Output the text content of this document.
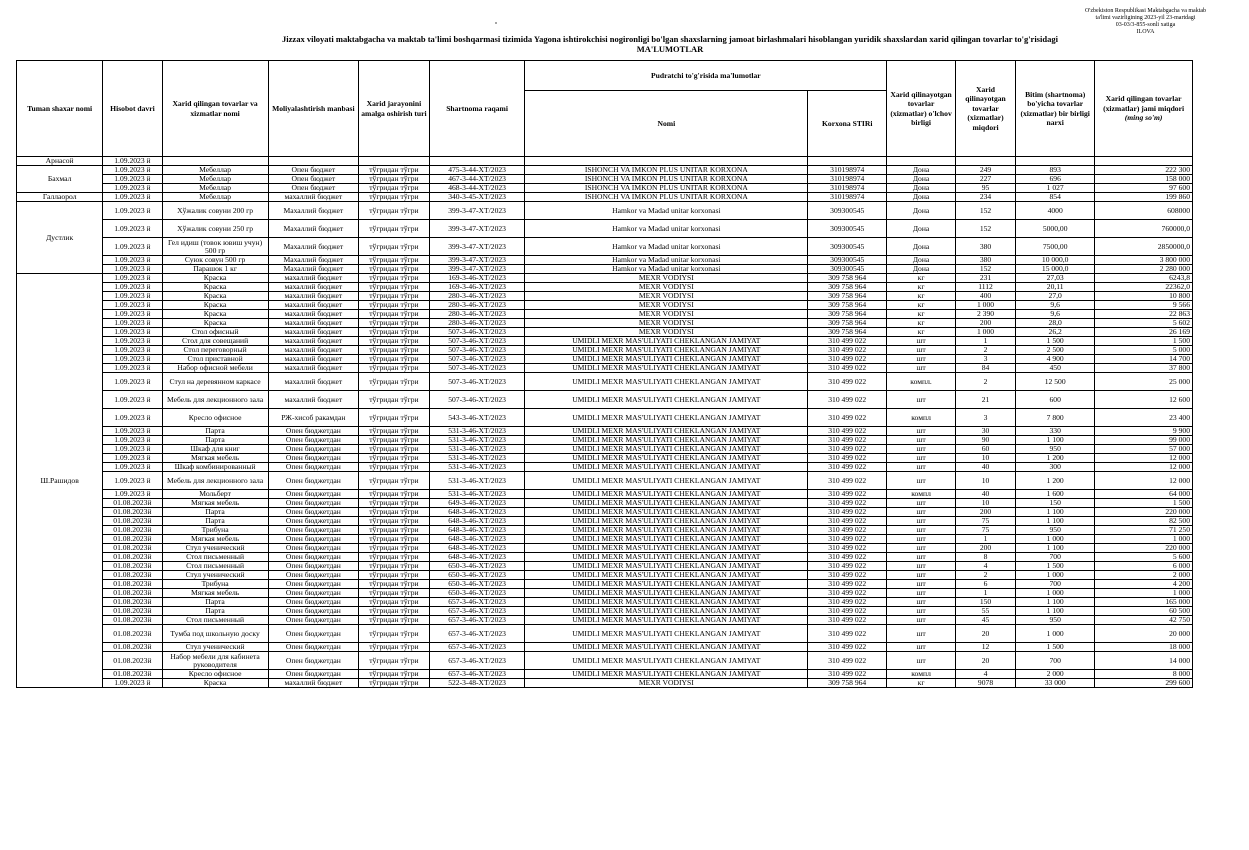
O'zbekiston Respublikasi Maktabgacha va maktab
ta'limi vazirligining 2023-yil 23-martdagi
03-03/3-855-sonli xatiga
ILOVA
Jizzax viloyati maktabgacha va maktab ta'limi boshqarmasi tizimida Yagona ishtirokchisi nogironligi bo'lgan shaxslarning jamoat birlashmalari hisoblangan yuridik shaxslardan xarid qilingan tovarlar to'g'risidagi
MA'LUMOTLAR
Tuman shaxar nomi	Hisobot davri	Xarid qilingan tovarlar va xizmatlar nomi	Moliyalashtirish manbasi	Xarid jarayonini amalga oshirish turi	Shartnoma raqami	Pudratchi to'g'risida ma'lumotlar		Xarid qilinayotgan tovarlar (xizmatlar) o'lchov birligi	Xarid qilinayotgan tovarlar (xizmatlar) miqdori	Bitim (shartnoma) bo'yicha tovarlar (xizmatlar) bir birligi narxi	Xarid qilingan tovarlar (xizmatlar) jami miqdori
(ming so'm)
						Nomi	Korxona STIRi				
Арнасой	1.09.2023 й										
Бахмал	1.09.2023 й	Мебеллар	Опен бюджет	тўгридан тўгри	475-3-44-ХТ/2023	ISHONCH VA IMKON PLUS UNITAR KORXONA	310198974	Дона	249	893	222 300
	1.09.2023 й	Мебеллар	Опен бюджет	тўгридан тўгри	467-3-44-ХТ/2023	ISHONCH VA IMKON PLUS UNITAR KORXONA	310198974	Дона	227	696	158 000
	1.09.2023 й	Мебеллар	Опен бюджет	тўгридан тўгри	468-3-44-ХТ/2023	ISHONCH VA IMKON PLUS UNITAR KORXONA	310198974	Дона	95	1 027	97 600
Галлаорол	1.09.2023 й	Мебеллар	махаллий бюджет	тўгридан тўгри	340-3-45-ХТ/2023	ISHONCH VA IMKON PLUS UNITAR KORXONA	310198974	Дона	234	854	199 860
Дустлик	1.09.2023 й	Хўжалик совуни 200 гр	Махаллий бюджет	тўгридан тўгри	399-3-47-ХТ/2023	Hamkor va Madad unitar korxonasi	309300545	Дона	152	4000	608000
	1.09.2023 й	Хўжалик совуни 250 гр	Махаллий бюджет	тўгридан тўгри	399-3-47-ХТ/2023	Hamkor va Madad unitar korxonasi	309300545	Дона	152	5000,00	760000,0
	1.09.2023 й	Гел идиш (товок ювиш учун) 500 гр	Махаллий бюджет	тўгридан тўгри	399-3-47-ХТ/2023	Hamkor va Madad unitar korxonasi	309300545	Дона	380	7500,00	2850000,0
	1.09.2023 й	Суюк совун 500 гр	Махаллий бюджет	тўгридан тўгри	399-3-47-ХТ/2023	Hamkor va Madad unitar korxonasi	309300545	Дона	380	10 000,0	3 800 000
	1.09.2023 й	Парашок 1 кг	Махаллий бюджет	тўгридан тўгри	399-3-47-ХТ/2023	Hamkor va Madad unitar korxonasi	309300545	Дона	152	15 000,0	2 280 000
Ш.Рашидов	1.09.2023 й	Краска	махаллий бюджет	тўгридан тўгри	169-3-46-ХТ/2023	MEXR VODIYSI	309 758 964	кг	231	27,03	6243,8
	1.09.2023 й	Краска	махаллий бюджет	тўгридан тўгри	169-3-46-ХТ/2023	MEXR VODIYSI	309 758 964	кг	1112	20,11	22362,0
	1.09.2023 й	Краска	махаллий бюджет	тўгридан тўгри	280-3-46-ХТ/2023	MEXR VODIYSI	309 758 964	кг	400	27,0	10 800
	1.09.2023 й	Краска	махаллий бюджет	тўгридан тўгри	280-3-46-ХТ/2023	MEXR VODIYSI	309 758 964	кг	1 000	9,6	9 566
	1.09.2023 й	Краска	махаллий бюджет	тўгридан тўгри	280-3-46-ХТ/2023	MEXR VODIYSI	309 758 964	кг	2 390	9,6	22 863
	1.09.2023 й	Краска	махаллий бюджет	тўгридан тўгри	280-3-46-ХТ/2023	MEXR VODIYSI	309 758 964	кг	200	28,0	5 602
	1.09.2023 й	Стол офисный	махаллий бюджет	тўгридан тўгри	507-3-46-ХТ/2023	MEXR VODIYSI	309 758 964	кг	1 000	26,2	26 169
	1.09.2023 й	Стол для совещаний	махаллий бюджет	тўгридан тўгри	507-3-46-ХТ/2023	UMIDLI MEXR MAS'ULIYATI CHEKLANGAN JAMIYAT	310 499 022	шт	1	1 500	1 500
	1.09.2023 й	Стол переговорный	махаллий бюджет	тўгридан тўгри	507-3-46-ХТ/2023	UMIDLI MEXR MAS'ULIYATI CHEKLANGAN JAMIYAT	310 499 022	шт	2	2 500	5 000
	1.09.2023 й	Стол приставной	махаллий бюджет	тўгридан тўгри	507-3-46-ХТ/2023	UMIDLI MEXR MAS'ULIYATI CHEKLANGAN JAMIYAT	310 499 022	шт	3	4 900	14 700
	1.09.2023 й	Набор офисной мебели	махаллий бюджет	тўгридан тўгри	507-3-46-ХТ/2023	UMIDLI MEXR MAS'ULIYATI CHEKLANGAN JAMIYAT	310 499 022	шт	84	450	37 800
	1.09.2023 й	Стул на деревянном каркасе	махаллий бюджет	тўгридан тўгри	507-3-46-ХТ/2023	UMIDLI MEXR MAS'ULIYATI CHEKLANGAN JAMIYAT	310 499 022	компл.	2	12 500	25 000
	1.09.2023 й	Мебель для лекционного зала	махаллий бюджет	тўгридан тўгри	507-3-46-ХТ/2023	UMIDLI MEXR MAS'ULIYATI CHEKLANGAN JAMIYAT	310 499 022	шт	21	600	12 600
	1.09.2023 й	Кресло офисное	РЖ-хисоб ракамдан	тўгридан тўгри	543-3-46-ХТ/2023	UMIDLI MEXR MAS'ULIYATI CHEKLANGAN JAMIYAT	310 499 022	компл	3	7 800	23 400
	1.09.2023 й	Парта	Опен бюджетдан	тўгридан тўгри	531-3-46-ХТ/2023	UMIDLI MEXR MAS'ULIYATI CHEKLANGAN JAMIYAT	310 499 022	шт	30	330	9 900
	1.09.2023 й	Парта	Опен бюджетдан	тўгридан тўгри	531-3-46-ХТ/2023	UMIDLI MEXR MAS'ULIYATI CHEKLANGAN JAMIYAT	310 499 022	шт	90	1 100	99 000
	1.09.2023 й	Шкаф для книг	Опен бюджетдан	тўгридан тўгри	531-3-46-ХТ/2023	UMIDLI MEXR MAS'ULIYATI CHEKLANGAN JAMIYAT	310 499 022	шт	60	950	57 000
	1.09.2023 й	Мягкая мебель	Опен бюджетдан	тўгридан тўгри	531-3-46-ХТ/2023	UMIDLI MEXR MAS'ULIYATI CHEKLANGAN JAMIYAT	310 499 022	шт	10	1 200	12 000
	1.09.2023 й	Шкаф комбинированный	Опен бюджетдан	тўгридан тўгри	531-3-46-ХТ/2023	UMIDLI MEXR MAS'ULIYATI CHEKLANGAN JAMIYAT	310 499 022	шт	40	300	12 000
	1.09.2023 й	Мебель для лекционного зала	Опен бюджетдан	тўгридан тўгри	531-3-46-ХТ/2023	UMIDLI MEXR MAS'ULIYATI CHEKLANGAN JAMIYAT	310 499 022	шт	10	1 200	12 000
	1.09.2023 й	Мольберт	Опен бюджетдан	тўгридан тўгри	531-3-46-ХТ/2023	UMIDLI MEXR MAS'ULIYATI CHEKLANGAN JAMIYAT	310 499 022	компл	40	1 600	64 000
	01.08.2023й	Мягкая мебель	Опен бюджетдан	тўгридан тўгри	649-3-46-ХТ/2023	UMIDLI MEXR MAS'ULIYATI CHEKLANGAN JAMIYAT	310 499 022	шт	10	150	1 500
	01.08.2023й	Парта	Опен бюджетдан	тўгридан тўгри	648-3-46-ХТ/2023	UMIDLI MEXR MAS'ULIYATI CHEKLANGAN JAMIYAT	310 499 022	шт	200	1 100	220 000
	01.08.2023й	Парта	Опен бюджетдан	тўгридан тўгри	648-3-46-ХТ/2023	UMIDLI MEXR MAS'ULIYATI CHEKLANGAN JAMIYAT	310 499 022	шт	75	1 100	82 500
	01.08.2023й	Трибуна	Опен бюджетдан	тўгридан тўгри	648-3-46-ХТ/2023	UMIDLI MEXR MAS'ULIYATI CHEKLANGAN JAMIYAT	310 499 022	шт	75	950	71 250
	01.08.2023й	Мягкая мебель	Опен бюджетдан	тўгридан тўгри	648-3-46-ХТ/2023	UMIDLI MEXR MAS'ULIYATI CHEKLANGAN JAMIYAT	310 499 022	шт	1	1 000	1 000
	01.08.2023й	Стул ученический	Опен бюджетдан	тўгридан тўгри	648-3-46-ХТ/2023	UMIDLI MEXR MAS'ULIYATI CHEKLANGAN JAMIYAT	310 499 022	шт	200	1 100	220 000
	01.08.2023й	Стол письменный	Опен бюджетдан	тўгридан тўгри	648-3-46-ХТ/2023	UMIDLI MEXR MAS'ULIYATI CHEKLANGAN JAMIYAT	310 499 022	шт	8	700	5 600
	01.08.2023й	Стол письменный	Опен бюджетдан	тўгридан тўгри	650-3-46-ХТ/2023	UMIDLI MEXR MAS'ULIYATI CHEKLANGAN JAMIYAT	310 499 022	шт	4	1 500	6 000
	01.08.2023й	Стул ученический	Опен бюджетдан	тўгридан тўгри	650-3-46-ХТ/2023	UMIDLI MEXR MAS'ULIYATI CHEKLANGAN JAMIYAT	310 499 022	шт	2	1 000	2 000
	01.08.2023й	Трибуна	Опен бюджетдан	тўгридан тўгри	650-3-46-ХТ/2023	UMIDLI MEXR MAS'ULIYATI CHEKLANGAN JAMIYAT	310 499 022	шт	6	700	4 200
	01.08.2023й	Мягкая мебель	Опен бюджетдан	тўгридан тўгри	650-3-46-ХТ/2023	UMIDLI MEXR MAS'ULIYATI CHEKLANGAN JAMIYAT	310 499 022	шт	1	1 000	1 000
	01.08.2023й	Парта	Опен бюджетдан	тўгридан тўгри	657-3-46-ХТ/2023	UMIDLI MEXR MAS'ULIYATI CHEKLANGAN JAMIYAT	310 499 022	шт	150	1 100	165 000
	01.08.2023й	Парта	Опен бюджетдан	тўгридан тўгри	657-3-46-ХТ/2023	UMIDLI MEXR MAS'ULIYATI CHEKLANGAN JAMIYAT	310 499 022	шт	55	1 100	60 500
	01.08.2023й	Стол письменный	Опен бюджетдан	тўгридан тўгри	657-3-46-ХТ/2023	UMIDLI MEXR MAS'ULIYATI CHEKLANGAN JAMIYAT	310 499 022	шт	45	950	42 750
	01.08.2023й	Тумба под школьную доску	Опен бюджетдан	тўгридан тўгри	657-3-46-ХТ/2023	UMIDLI MEXR MAS'ULIYATI CHEKLANGAN JAMIYAT	310 499 022	шт	20	1 000	20 000
	01.08.2023й	Стул ученический	Опен бюджетдан	тўгридан тўгри	657-3-46-ХТ/2023	UMIDLI MEXR MAS'ULIYATI CHEKLANGAN JAMIYAT	310 499 022	шт	12	1 500	18 000
	01.08.2023й	Набор мебели для кабинета руководителя	Опен бюджетдан	тўгридан тўгри	657-3-46-ХТ/2023	UMIDLI MEXR MAS'ULIYATI CHEKLANGAN JAMIYAT	310 499 022	шт	20	700	14 000
	01.08.2023й	Кресло офисное	Опен бюджетдан	тўгридан тўгри	657-3-46-ХТ/2023	UMIDLI MEXR MAS'ULIYATI CHEKLANGAN JAMIYAT	310 499 022	компл	4	2 000	8 000
	1.09.2023 й	Краска	махаллий бюджет	тўгридан тўгри	522-3-48-ХТ/2023	MEXR VODIYSI	309 758 964	кг	9078	33 000	299 600
